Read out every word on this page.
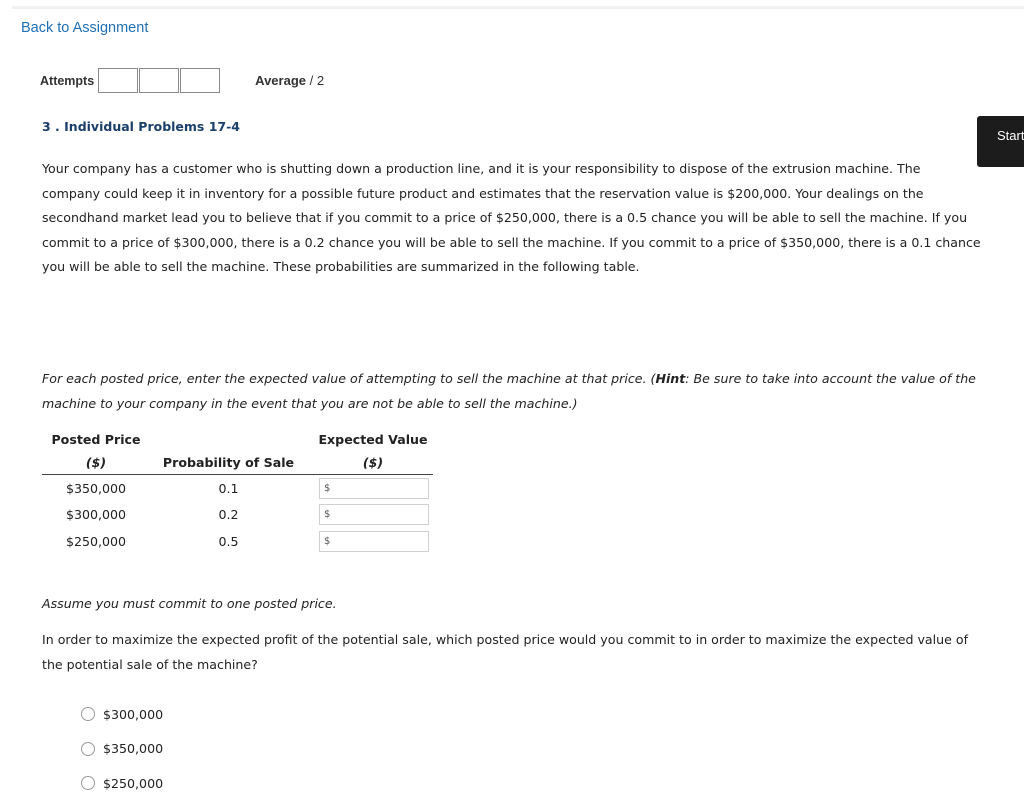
Back to Assignment
Attempts	Average / 2
3 . Individual Problems 17-4
Start
Your company has a customer who is shutting down a production line, and it is your responsibility to dispose of the extrusion machine. The company could keep it in inventory for a possible future product and estimates that the reservation value is $200,000. Your dealings on the secondhand market lead you to believe that if you commit to a price of $250,000, there is a 0.5 chance you will be able to sell the machine. If you commit to a price of $300,000, there is a 0.2 chance you will be able to sell the machine. If you commit to a price of $350,000, there is a 0.1 chance you will be able to sell the machine. These probabilities are summarized in the following table.
For each posted price, enter the expected value of attempting to sell the machine at that price. (Hint: Be sure to take into account the value of the machine to your company in the event that you are not be able to sell the machine.)
Posted Price			Expected Value
($)	Probability of Sale		($)
$350,000	0.1		$

$300,000	0.2		$

$250,000	0.5		$
Assume you must commit to one posted price.
In order to maximize the expected profit of the potential sale, which posted price would you commit to in order to maximize the expected value of the potential sale of the machine?
$300,000
$350,000
$250,000
